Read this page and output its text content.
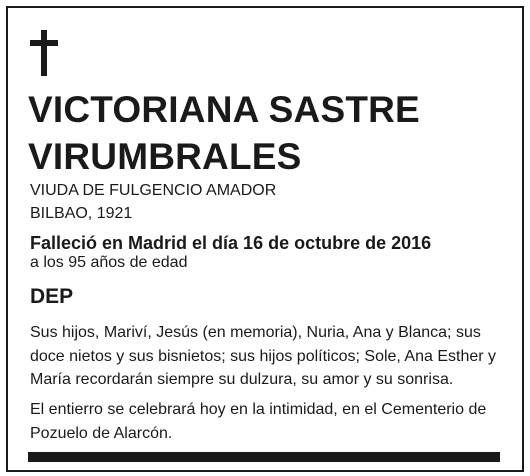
VICTORIANA SASTRE
VIRUMBRALES
VIUDA DE FULGENCIO AMADOR
BILBAO, 1921
Falleció en Madrid el día 16 de octubre de 2016
a los 95 años de edad
DEP

Sus hijos, Mariví, Jesús (en memoria), Nuria, Ana y Blanca; sus
doce nietos y sus bisnietos; sus hijos políticos; Sole, Ana Esther y
María recordarán siempre su dulzura, su amor y su sonrisa.

El entierro se celebrará hoy en la intimidad, en el Cementerio de
Pozuelo de Alarcón.
